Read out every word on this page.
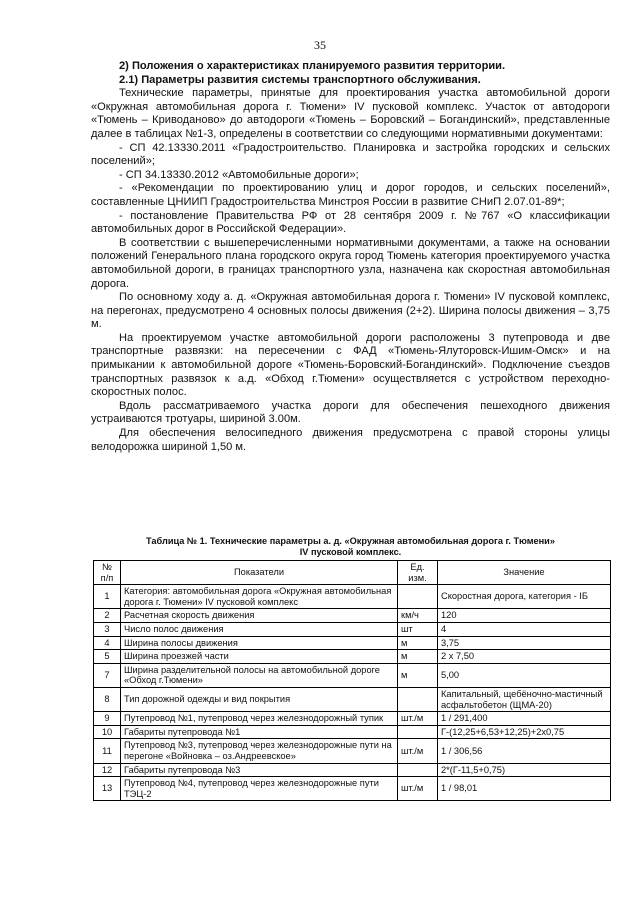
35

2) Положения о характеристиках планируемого развития территории.

2.1) Параметры развития системы транспортного обслуживания.

Технические параметры, принятые для проектирования участка автомобильной дороги «Окружная автомобильная дорога г. Тюмени» IV пусковой комплекс. Участок от автодороги «Тюмень – Криводаново» до автодороги «Тюмень – Боровский – Богандинский», представленные далее в таблицах №1-3, определены в соответствии со следующими нормативными документами:

- СП 42.13330.2011 «Градостроительство. Планировка и застройка городских и сельских поселений»;

- СП 34.13330.2012 «Автомобильные дороги»;

- «Рекомендации по проектированию улиц и дорог городов, и сельских поселений», составленные ЦНИИП Градостроительства Минстроя России в развитие СНиП 2.07.01-89*;

- постановление Правительства РФ от 28 сентября 2009 г. №767 «О классификации автомобильных дорог в Российской Федерации».

В соответствии с вышеперечисленными нормативными документами, а также на основании положений Генерального плана городского округа город Тюмень категория проектируемого участка автомобильной дороги, в границах транспортного узла, назначена как скоростная автомобильная дорога.

По основному ходу а. д. «Окружная автомобильная дорога г. Тюмени» IV пусковой комплекс, на перегонах, предусмотрено 4 основных полосы движения (2+2). Ширина полосы движения – 3,75 м.

На проектируемом участке автомобильной дороги расположены 3 путепровода и две транспортные развязки: на пересечении с ФАД «Тюмень-Ялуторовск-Ишим-Омск» и на примыкании к автомобильной дороге «Тюмень-Боровский-Богандинский». Подключение съездов транспортных развязок к а.д. «Обход г.Тюмени» осуществляется с устройством переходно-скоростных полос.

Вдоль рассматриваемого участка дороги для обеспечения пешеходного движения устраиваются тротуары, шириной 3.00м.

Для обеспечения велосипедного движения предусмотрена с правой стороны улицы велодорожка шириной 1,50 м.

Таблица № 1. Технические параметры а. д. «Окружная автомобильная дорога г. Тюмени»
IV пусковой комплекс.
№ п/п	Показатели	Ед. изм.	Значение
1	Категория: автомобильная дорога «Окружная автомобильная дорога г. Тюмени» IV пусковой комплекс		Скоростная дорога, категория - IБ
2	Расчетная скорость движения	км/ч	120
3	Число полос движения	шт	4
4	Ширина полосы движения	м	3,75
5	Ширина проезжей части	м	2 х 7,50
7	Ширина разделительной полосы на автомобильной дороге «Обход г.Тюмени»	м	5,00
8	Тип дорожной одежды и вид покрытия		Капитальный, щебёночно-мастичный асфальтобетон (ЩМА-20)
9	Путепровод №1, путепровод через железнодорожный тупик	шт./м	1 / 291,400
10	Габариты путепровода №1		Г-(12,25+6,53+12,25)+2х0,75
11	Путепровод №3, путепровод через железнодорожные пути на перегоне «Войновка – оз.Андреевское»	шт./м	1 / 306,56
12	Габариты путепровода №3		2*(Г-11,5+0,75)
13	Путепровод №4, путепровод через железнодорожные пути ТЭЦ-2	шт./м	1 / 98,01
